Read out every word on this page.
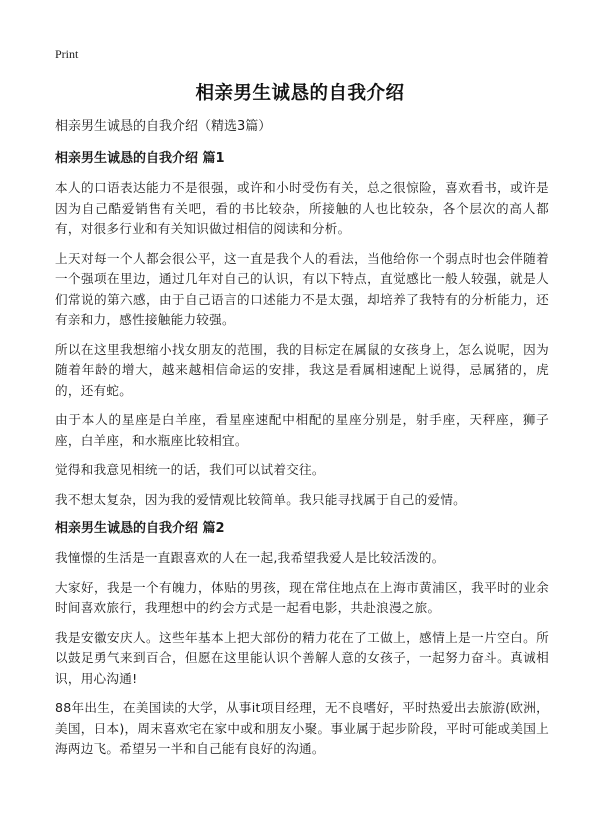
Print
相亲男生诚恳的自我介绍
相亲男生诚恳的自我介绍（精选3篇）
相亲男生诚恳的自我介绍 篇1

本人的口语表达能力不是很强，或许和小时受伤有关，总之很惊险，喜欢看书，或许是因为自己酷爱销售有关吧，看的书比较杂，所接触的人也比较杂，各个层次的高人都有，对很多行业和有关知识做过相信的阅读和分析。

上天对每一个人都会很公平，这一直是我个人的看法，当他给你一个弱点时也会伴随着一个强项在里边，通过几年对自己的认识，有以下特点，直觉感比一般人较强，就是人们常说的第六感，由于自己语言的口述能力不是太强，却培养了我特有的分析能力，还有亲和力，感性接触能力较强。

所以在这里我想缩小找女朋友的范围，我的目标定在属鼠的女孩身上，怎么说呢，因为随着年龄的增大，越来越相信命运的安排，我这是看属相速配上说得，忌属猪的，虎的，还有蛇。

由于本人的星座是白羊座，看星座速配中相配的星座分别是，射手座，天秤座，狮子座，白羊座，和水瓶座比较相宜。

觉得和我意见相统一的话，我们可以试着交往。

我不想太复杂，因为我的爱情观比较简单。我只能寻找属于自己的爱情。

相亲男生诚恳的自我介绍 篇2

我憧憬的生活是一直跟喜欢的人在一起,我希望我爱人是比较活泼的。

大家好，我是一个有魄力，体贴的男孩，现在常住地点在上海市黄浦区，我平时的业余时间喜欢旅行，我理想中的约会方式是一起看电影，共赴浪漫之旅。

我是安徽安庆人。这些年基本上把大部份的精力花在了工做上，感情上是一片空白。所以鼓足勇气来到百合，但愿在这里能认识个善解人意的女孩子，一起努力奋斗。真诚相识，用心沟通!

88年出生，在美国读的大学，从事it项目经理，无不良嗜好，平时热爱出去旅游(欧洲，美国，日本)，周末喜欢宅在家中或和朋友小聚。事业属于起步阶段，平时可能或美国上海两边飞。希望另一半和自己能有良好的沟通。
